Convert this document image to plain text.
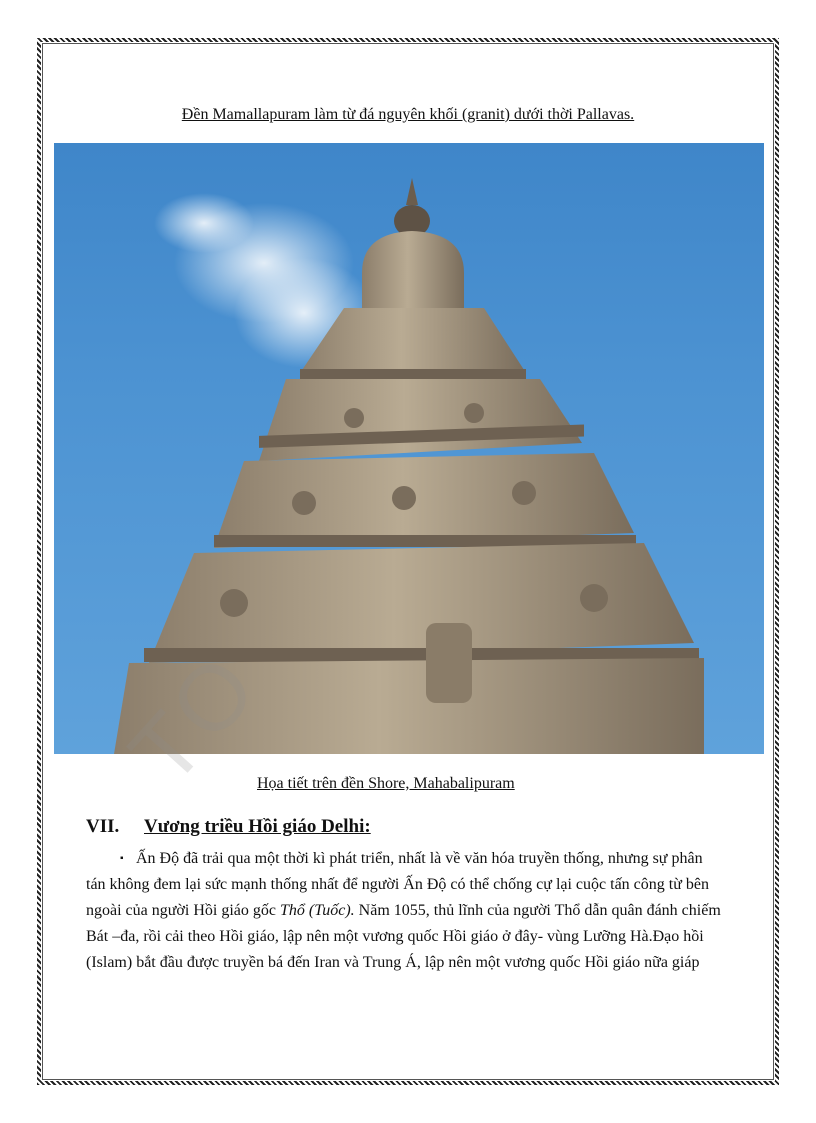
Đền Mamallapuram làm từ đá nguyên khối (granit) dưới thời Pallavas.
TO
Họa tiết trên đền Shore, Mahabalipuram
VII. Vương triều Hồi giáo Delhi:

▪ Ấn Độ đã trải qua một thời kì phát triển, nhất là về văn hóa truyền thống, nhưng sự phân tán không đem lại sức mạnh thống nhất để người Ấn Độ có thể chống cự lại cuộc tấn công từ bên ngoài của người Hồi giáo gốc Thổ (Tuốc). Năm 1055, thủ lĩnh của người Thổ dẫn quân đánh chiếm Bát –đa, rồi cải theo Hồi giáo, lập nên một vương quốc Hồi giáo ở đây- vùng Lưỡng Hà.Đạo hồi (Islam) bắt đầu được truyền bá đến Iran và Trung Á, lập nên một vương quốc Hồi giáo nữa giáp
